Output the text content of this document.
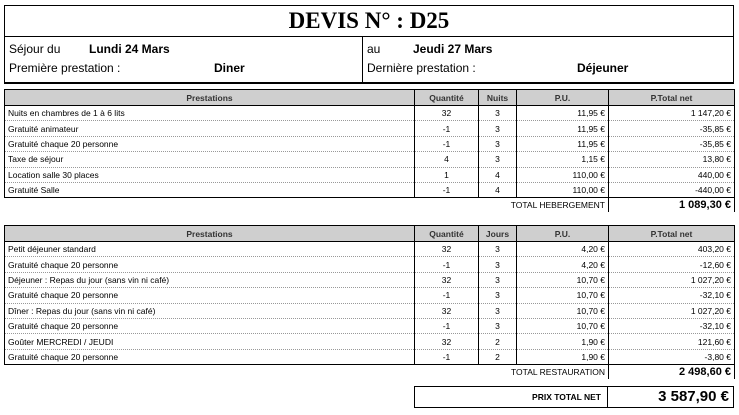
DEVIS N° : D25
Séjour du Lundi 24 Mars
Première prestation :	Diner
au	Jeudi 27 Mars
Dernière prestation :	Déjeuner
Prestations	Quantité	Nuits	P.U.	P.Total net
Nuits en chambres de 1 à 6 lits	32	3	11,95 €	1 147,20 €
Gratuité animateur	-1	3	11,95 €	-35,85 €
Gratuité chaque 20 personne	-1	3	11,95 €	-35,85 €
Taxe de séjour	4	3	1,15 €	13,80 €
Location salle 30 places	1	4	110,00 €	440,00 €
Gratuité Salle	-1	4	110,00 €	-440,00 €
TOTAL HEBERGEMENT				1 089,30 €
Prestations	Quantité	Jours	P.U.	P.Total net
Petit déjeuner standard	32	3	4,20 €	403,20 €
Gratuité chaque 20 personne	-1	3	4,20 €	-12,60 €
Déjeuner : Repas du jour (sans vin ni café)	32	3	10,70 €	1 027,20 €
Gratuité chaque 20 personne	-1	3	10,70 €	-32,10 €
Dîner : Repas du jour (sans vin ni café)	32	3	10,70 €	1 027,20 €
Gratuité chaque 20 personne	-1	3	10,70 €	-32,10 €
Goûter MERCREDI / JEUDI	32	2	1,90 €	121,60 €
Gratuité chaque 20 personne	-1	2	1,90 €	-3,80 €
TOTAL RESTAURATION				2 498,60 €
PRIX TOTAL NET	3 587,90 €
